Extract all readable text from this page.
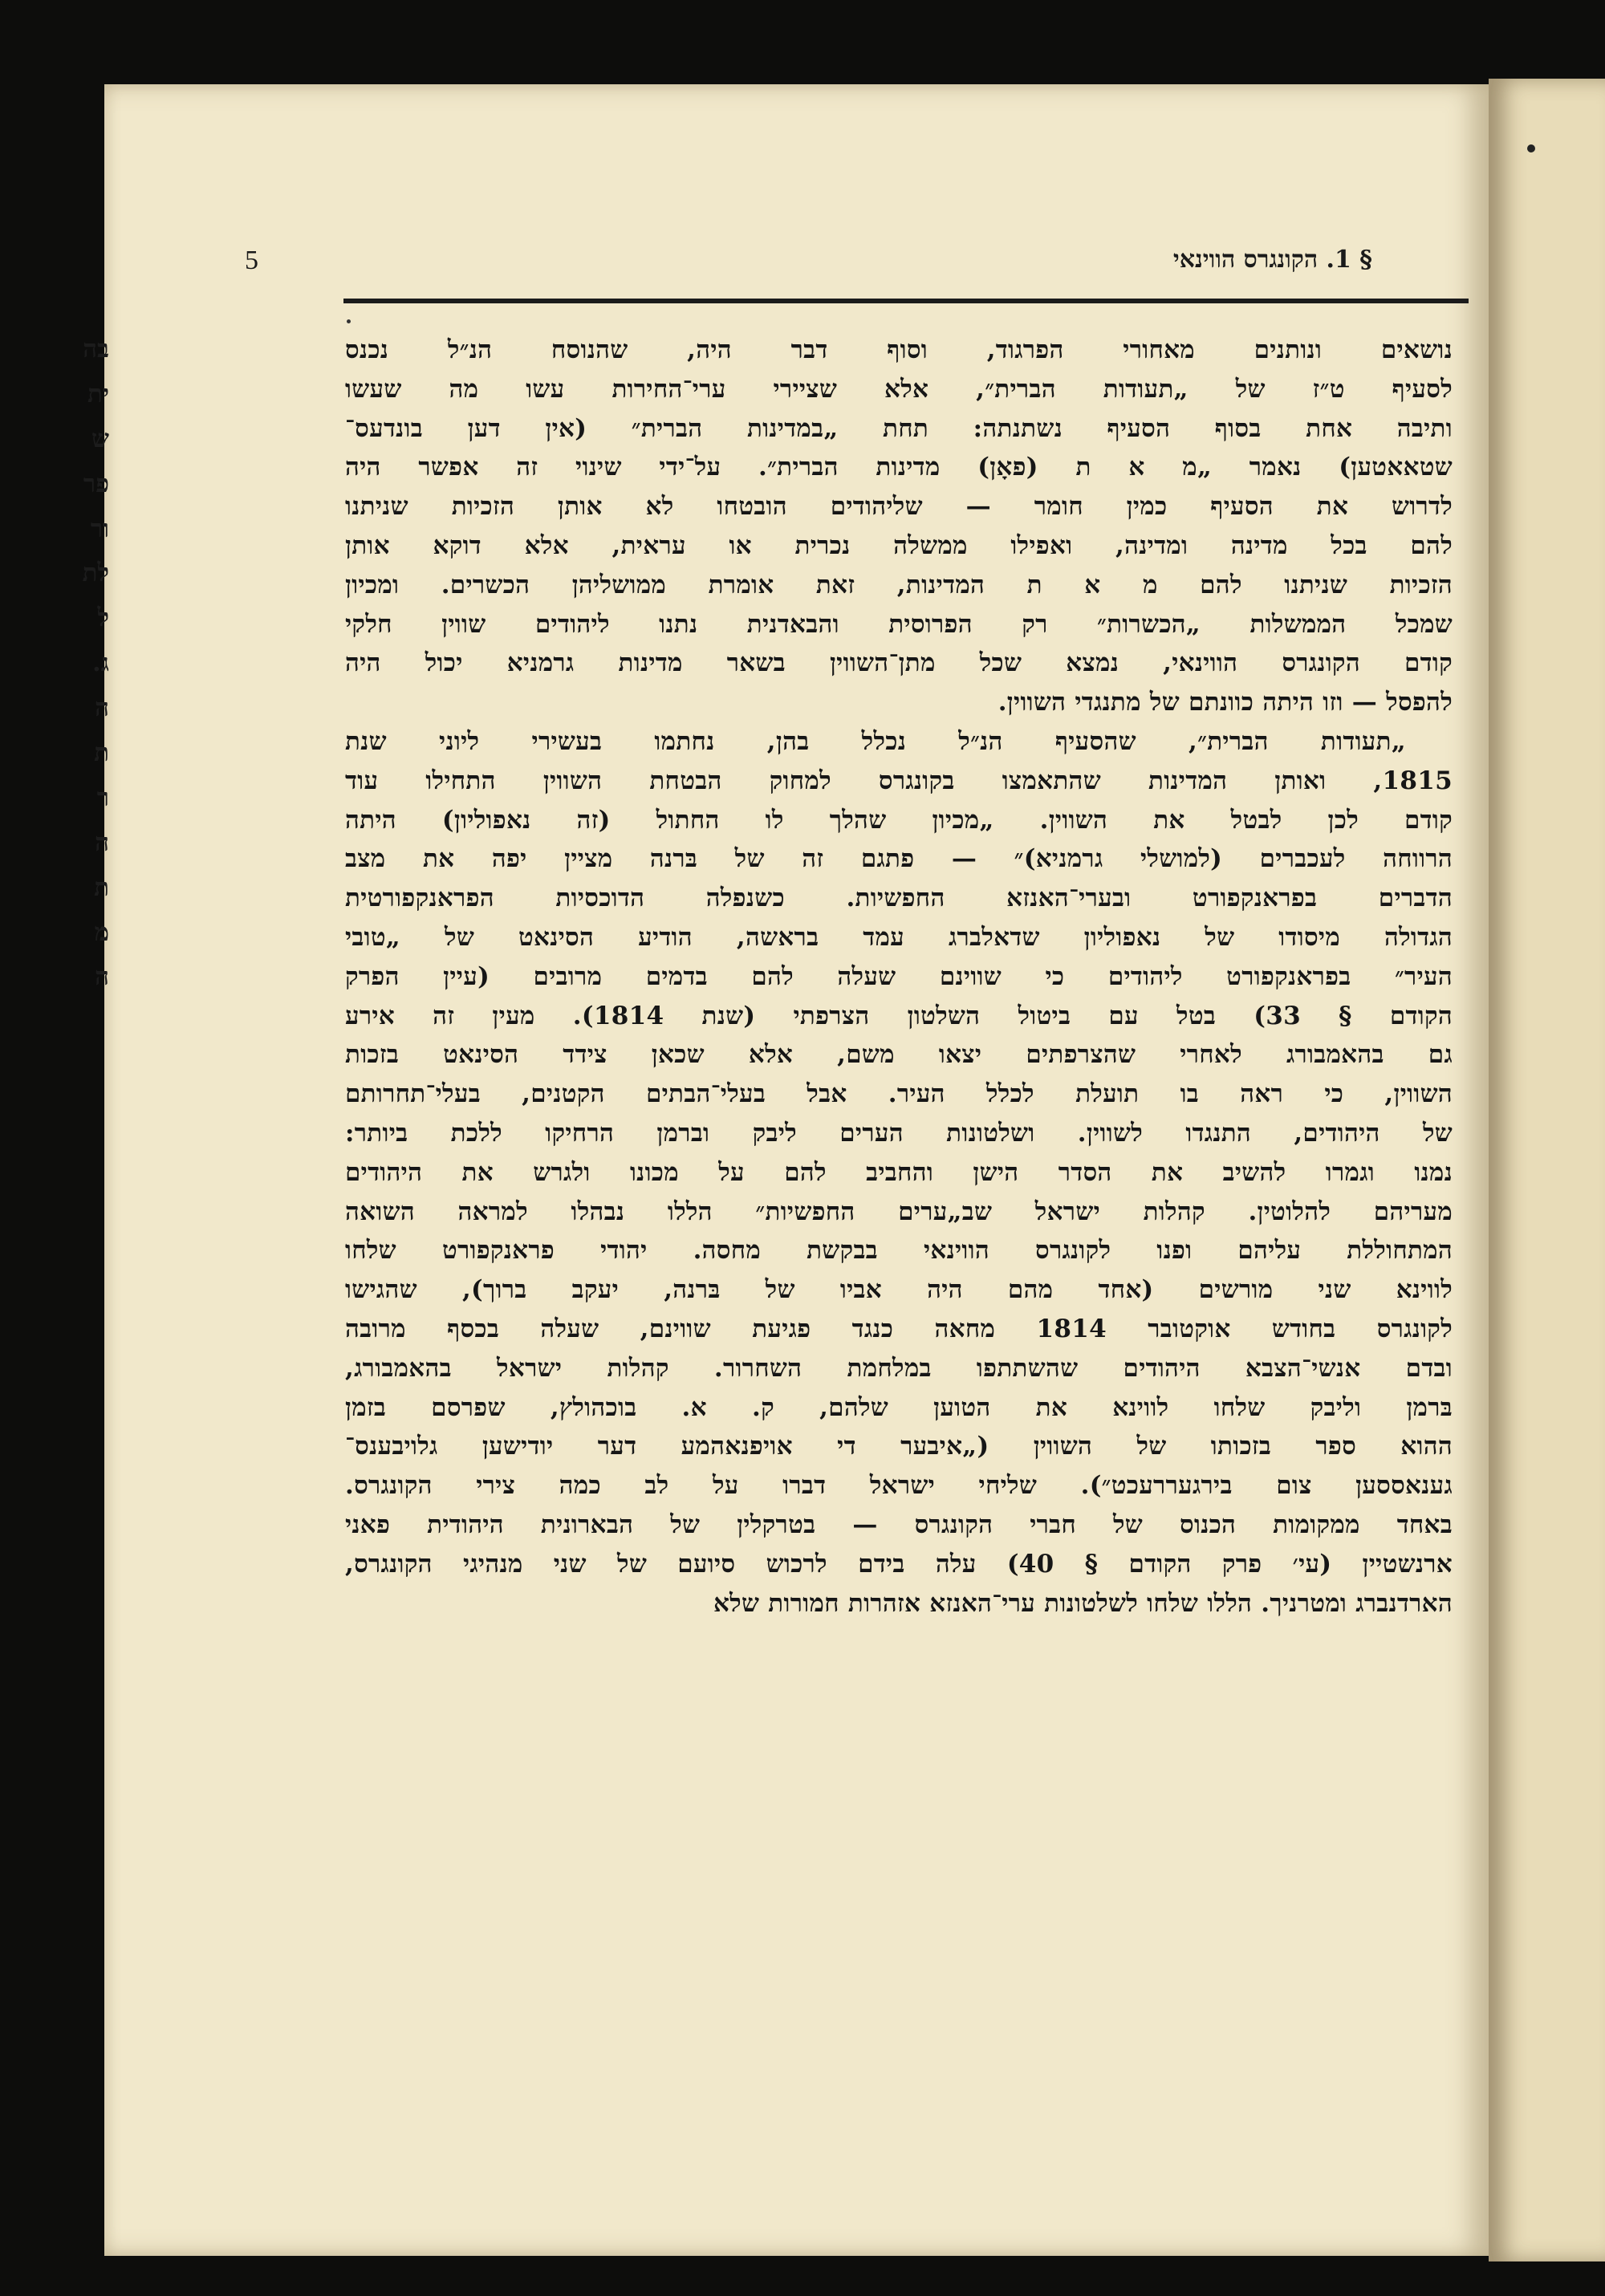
5	§ 1. הקונגרס הווינאי
נושאים ונותנים מאחורי הפרגוד, וסוף דבר היה, שהנוסח הנ״ל נכנס
לסעיף ט״ז של „תעודות הברית״, אלא שציירי ערי־החירות עשו מה שעשו
ותיבה אחת בסוף הסעיף נשתנתה: תחת „במדינות הברית״ (אין דען בונדעס־
שטאאטען) נאמר „מ א ת (פאָן) מדינות הברית״. על־ידי שינוי זה אפשר היה
לדרוש את הסעיף כמין חומר — שליהודים הובטחו לא אותן הזכיות שניתנו
להם בכל מדינה ומדינה, ואפילו ממשלה נכרית או עראית, אלא דוקא אותן
הזכיות שניתנו להם מ א ת המדינות, זאת אומרת ממושליהן הכשרים. ומכיון
שמכל הממשלות „הכשרות״ רק הפרוסית והבאדנית נתנו ליהודים שווין חלקי
קודם הקונגרס הווינאי, נמצא שכל מתן־השווין בשאר מדינות גרמניא יכול היה
להפסל — וזו היתה כוונתם של מתנגדי השווין.
„תעודות הברית״, שהסעיף הנ״ל נכלל בהן, נחתמו בעשירי ליוני שנת
1815, ואותן המדינות שהתאמצו בקונגרס למחוק הבטחת השווין התחילו עוד
קודם לכן לבטל את השווין. „מכיון שהלך לו החתול (זה נאפוליון) היתה
הרווחה לעכברים (למושלי גרמניא)״ — פתגם זה של בּרנה מציין יפה את מצב
הדברים בפראנקפורט ובערי־האנזא החפשיות. כשנפלה הדוכסיות הפראנקפורטית
הגדולה מיסודו של נאפוליון שדאלברג עמד בראשה, הודיע הסינאט של „טובי
העיר״ בפראנקפורט ליהודים כי שווינם שעלה להם בדמים מרובים (עיין הפרק
הקודם § 33) בטל עם ביטול השלטון הצרפתי (שנת 1814). מעין זה אירע
גם בהאמבורג לאחרי שהצרפתים יצאו משם, אלא שכאן צידד הסינאט בזכות
השווין, כי ראה בו תועלת לכלל העיר. אבל בעלי־הבתים הקטנים, בעלי־תחרותם
של היהודים, התנגדו לשווין. ושלטונות הערים ליבק וברמן הרחיקו ללכת ביותר:
נמנו וגמרו להשיב את הסדר הישן והחביב להם על מכונו ולגרש את היהודים
מעריהם להלוטין. קהלות ישראל שב„ערים החפשיות״ הללו נבהלו למראה השואה
המתחוללת עליהם ופנו לקונגרס הווינאי בבקשת מחסה. יהודי פראנקפורט שלחו
לווינא שני מורשים (אחד מהם היה אביו של בּרנה, יעקב ברוך), שהגישו
לקונגרס בחודש אוקטובר 1814 מחאה כנגד פגיעת שווינם, שעלה בכסף מרובה
ובדם אנשי־הצבא היהודים שהשתתפו במלחמת השחרור. קהלות ישראל בהאמבורג,
בּרמן וליבק שלחו לווינא את הטוען שלהם, ק. א. בוכהולץ, שפרסם בזמן
ההוא ספר בזכותו של השווין („איבער די אויפנאהמע דער יודישען גלויבענס־
גענאססען צום בירגעררעכט״). שליחי ישראל דברו על לב כמה צירי הקונגרס.
באחד ממקומות הכנוס של חברי הקונגרס — בטרקלין של הבארונית היהודית פאני
ארנשטיין (עי׳ פרק הקודם § 40) עלה בידם לרכוש סיועם של שני מנהיגי הקונגרס,
הארדנברג ומטרניך. הללו שלחו לשלטונות ערי־האנזא אזהרות חמורות שלא
בה
ית
ש
פר
ור
לת
ל
ג.
ה
ת
ר
ה
ת
מ
ה
